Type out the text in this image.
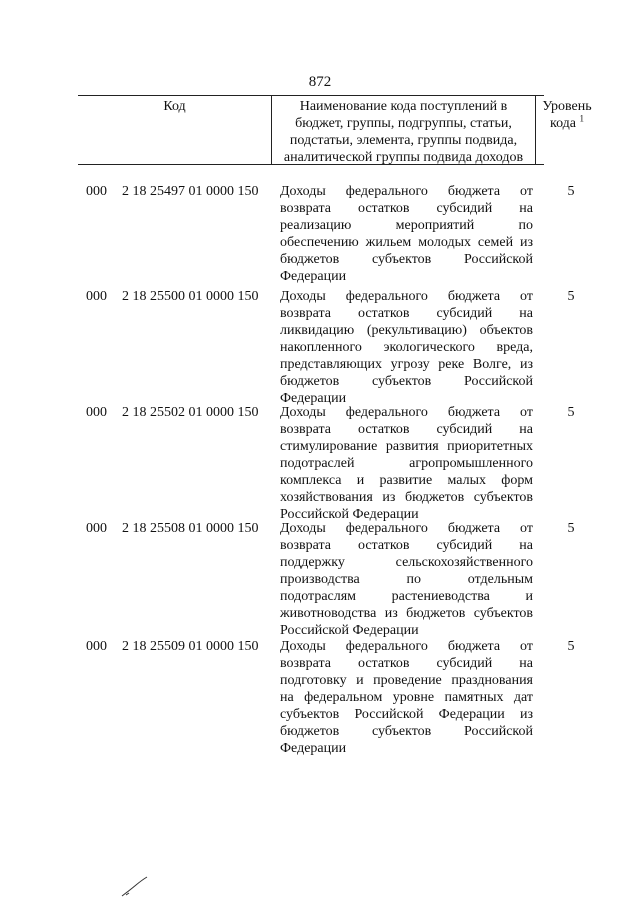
872
Код	Наименование кода поступлений в
бюджет, группы, подгруппы, статьи,
подстатьи, элемента, группы подвида,
аналитической группы подвида доходов
Уровень
кода $^1$
000 2 18 25497 01 0000 150 Доходы федерального бюджета от
возврата остатков субсидий на
реализацию мероприятий по
обеспечению жильем молодых семей из
бюджетов субъектов Российской
Федерации
5
000 2 18 25500 01 0000 150 Доходы федерального бюджета от
возврата остатков субсидий на
ликвидацию (рекультивацию) объектов
накопленного экологического вреда,
представляющих угрозу реке Волге, из
бюджетов субъектов Российской
Федерации
5
000 2 18 25502 01 0000 150 Доходы федерального бюджета от
возврата остатков субсидий на
стимулирование развития приоритетных
подотраслей агропромышленного
комплекса и развитие малых форм
хозяйствования из бюджетов субъектов
Российской Федерации
5
000 2 18 25508 01 0000 150 Доходы федерального бюджета от
возврата остатков субсидий на
поддержку сельскохозяйственного
производства по отдельным
подотраслям растениеводства и
животноводства из бюджетов субъектов
Российской Федерации
5
000 2 18 25509 01 0000 150 Доходы федерального бюджета от
возврата остатков субсидий на
подготовку и проведение празднования
на федеральном уровне памятных дат
субъектов Российской Федерации из
бюджетов субъектов Российской
Федерации
5
